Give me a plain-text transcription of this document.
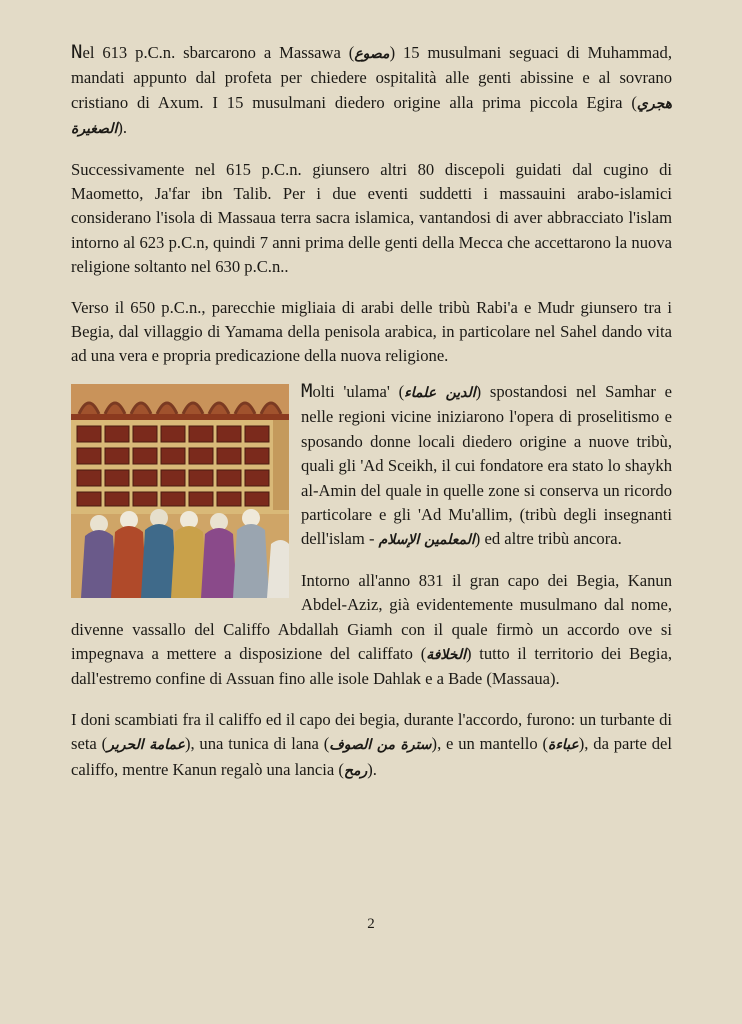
Nel 613 p.C.n. sbarcarono a Massawa (مصوع) 15 musulmani seguaci di Muhammad, mandati appunto dal profeta per chiedere ospitalità alle genti abissine e al sovrano cristiano di Axum. I 15 musulmani diedero origine alla prima piccola Egira (هجري الصغيرة).

Successivamente nel 615 p.C.n. giunsero altri 80 discepoli guidati dal cugino di Maometto, Ja'far ibn Talib. Per i due eventi suddetti i massauini arabo-islamici considerano l'isola di Massaua terra sacra islamica, vantandosi di aver abbracciato l'islam intorno al 623 p.C.n, quindi 7 anni prima delle genti della Mecca che accettarono la nuova religione soltanto nel 630 p.C.n..

Verso il 650 p.C.n., parecchie migliaia di arabi delle tribù Rabi'a e Mudr giunsero tra i Begia, dal villaggio di Yamama della penisola arabica, in particolare nel Sahel dando vita ad una vera e propria predicazione della nuova religione.

Molti 'ulama' (الدين علماء) spostandosi nel Samhar e nelle regioni vicine iniziarono l'opera di proselitismo e sposando donne locali diedero origine a nuove tribù, quali gli 'Ad Sceikh, il cui fondatore era stato lo shaykh al-Amin del quale in quelle zone si conserva un ricordo particolare e gli 'Ad Mu'allim, (tribù degli insegnanti dell'islam - المعلمين الإسلام) ed altre tribù ancora.

Intorno all'anno 831 il gran capo dei Begia, Kanun Abdel-Aziz, già evidentemente musulmano dal nome, divenne vassallo del Califfo Abdallah Giamh con il quale firmò un accordo ove si impegnava a mettere a disposizione del califfato (الخلافة) tutto il territorio dei Begia, dall'estremo confine di Assuan fino alle isole Dahlak e a Bade (Massaua).

I doni scambiati fra il califfo ed il capo dei begia, durante l'accordo, furono: un turbante di seta (عمامة الحرير), una tunica di lana (سترة من الصوف), e un mantello (عباءة), da parte del califfo, mentre Kanun regalò una lancia (رمح).

2
